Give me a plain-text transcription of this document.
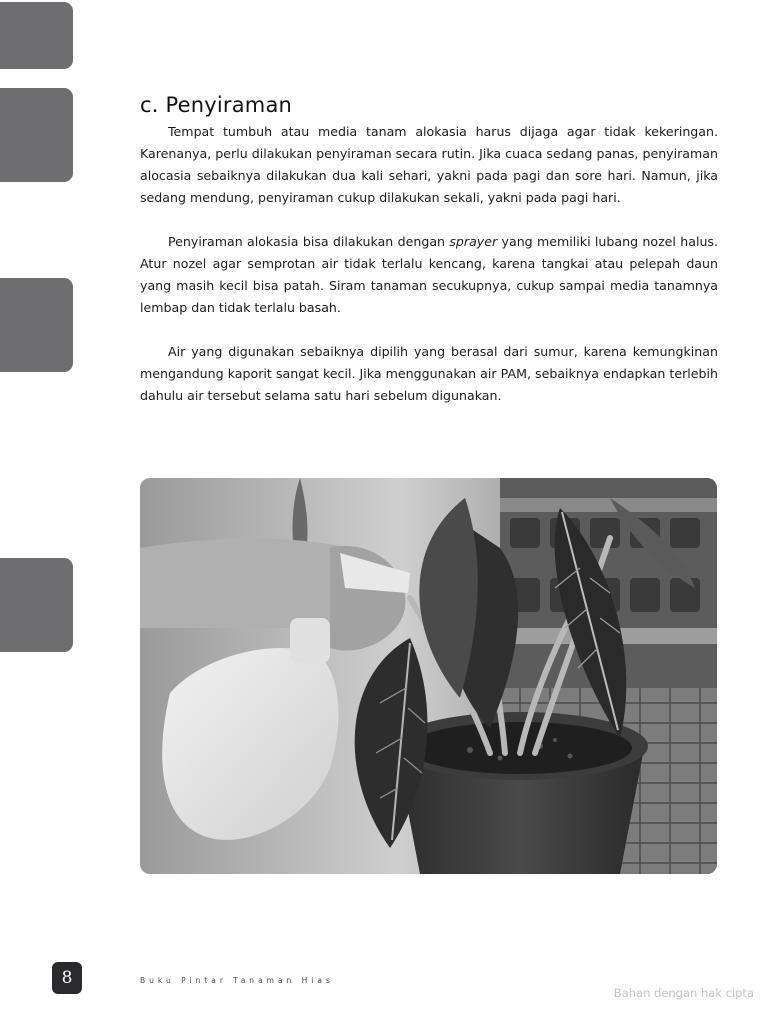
c. Penyiraman

Tempat tumbuh atau media tanam alokasia harus dijaga agar tidak kekeringan. Karenanya, perlu dilakukan penyiraman secara rutin. Jika cuaca sedang panas, penyiraman alocasia sebaiknya dilakukan dua kali sehari, yakni pada pagi dan sore hari. Namun, jika sedang mendung, penyiraman cukup dilakukan sekali, yakni pada pagi hari.

Penyiraman alokasia bisa dilakukan dengan sprayer yang memiliki lubang nozel halus. Atur nozel agar semprotan air tidak terlalu kencang, karena tangkai atau pelepah daun yang masih kecil bisa patah. Siram tanaman secukupnya, cukup sampai media tanamnya lembap dan tidak terlalu basah.

Air yang digunakan sebaiknya dipilih yang berasal dari sumur, karena kemungkinan mengandung kaporit sangat kecil. Jika menggunakan air PAM, sebaiknya endapkan terlebih dahulu air tersebut selama satu hari sebelum digunakan.

8	Buku Pintar Tanaman Hias
Bahan dengan hak cipta
